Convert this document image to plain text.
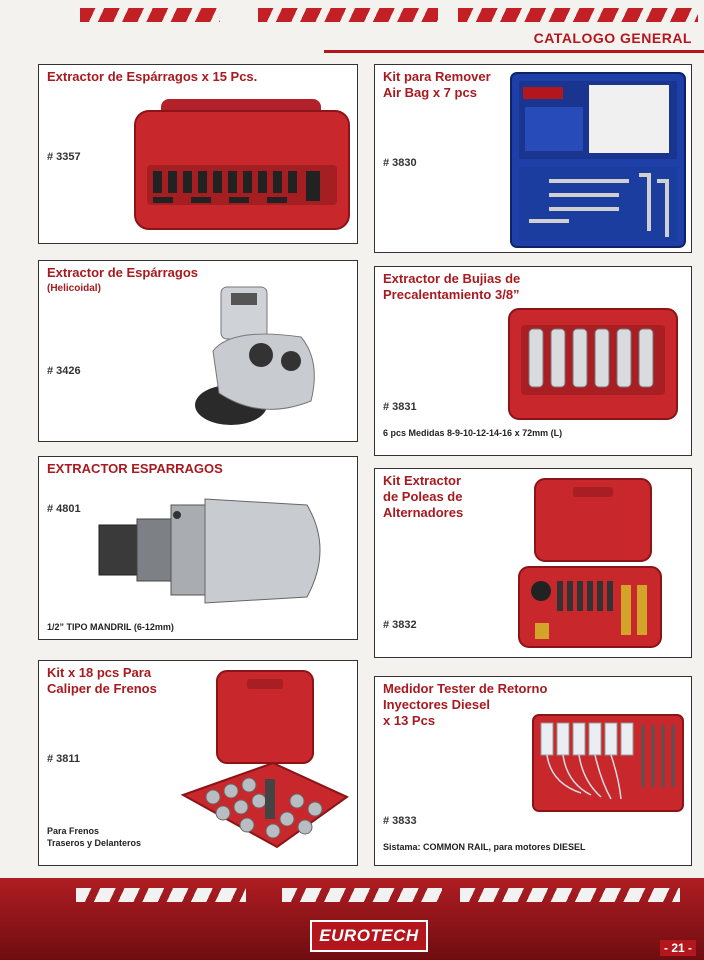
CATALOGO GENERAL
Extractor de Espárragos x 15 Pcs.
# 3357
Kit para Remover
Air Bag x 7 pcs
# 3830
Extractor de Espárragos
(Helicoidal)
# 3426
Extractor de Bujias de
Precalentamiento 3/8”
# 3831
6 pcs Medidas 8-9-10-12-14-16 x 72mm (L)
EXTRACTOR ESPARRAGOS
# 4801
1/2” TIPO MANDRIL (6-12mm)
Kit Extractor
de Poleas de
Alternadores
# 3832
Kit x 18 pcs Para
Caliper de Frenos
# 3811
Para Frenos
Traseros y Delanteros
Medidor Tester de Retorno
Inyectores Diesel
x 13 Pcs
# 3833
Sistama: COMMON RAIL, para motores DIESEL
EUROTECH
- 21 -
